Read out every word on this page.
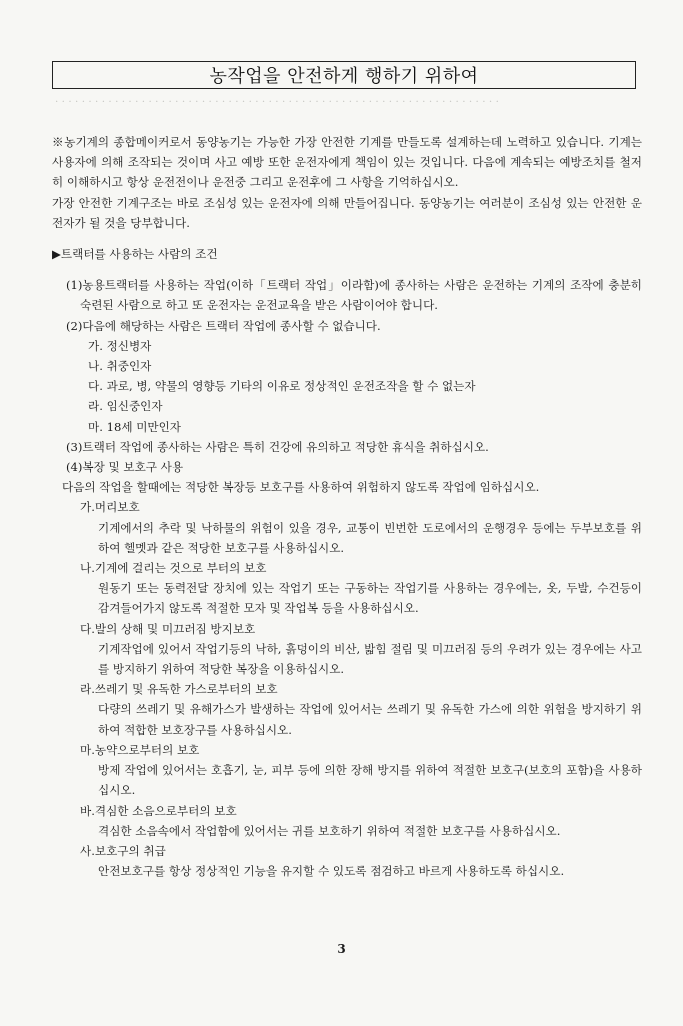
농작업을 안전하게 행하기 위하여
· · · · · · · · · · · · · · · · · · · · · · · · · · · · · · · · · · · · · · · · · · · · · · · · · · · · · · · · · · · · · · · · · · ·

※농기계의 종합메이커로서 동양농기는 가능한 가장 안전한 기계를 만들도록 설계하는데 노력하고 있습니다. 기계는 사용자에 의해 조작되는 것이며 사고 예방 또한 운전자에게 책임이 있는 것입니다. 다음에 계속되는 예방조치를 철저히 이해하시고 항상 운전전이나 운전중 그리고 운전후에 그 사항을 기억하십시오.

가장 안전한 기계구조는 바로 조심성 있는 운전자에 의해 만들어집니다. 동양농기는 여러분이 조심성 있는 안전한 운전자가 될 것을 당부합니다.

▶트랙터를 사용하는 사람의 조건

(1)농용트랙터를 사용하는 작업(이하「트랙터 작업」이라함)에 종사하는 사람은 운전하는 기계의 조작에 충분히 숙련된 사람으로 하고 또 운전자는 운전교육을 받은 사람이어야 합니다.

(2)다음에 해당하는 사람은 트랙터 작업에 종사할 수 없습니다.

가. 정신병자

나. 취중인자

다. 과로, 병, 약물의 영향등 기타의 이유로 정상적인 운전조작을 할 수 없는자

라. 임신중인자

마. 18세 미만인자

(3)트랙터 작업에 종사하는 사람은 특히 건강에 유의하고 적당한 휴식을 취하십시오.

(4)복장 및 보호구 사용

다음의 작업을 할때에는 적당한 복장등 보호구를 사용하여 위험하지 않도록 작업에 임하십시오.

가.머리보호

기계에서의 추락 및 낙하물의 위험이 있을 경우, 교통이 빈번한 도로에서의 운행경우 등에는 두부보호를 위하여 헬멧과 같은 적당한 보호구를 사용하십시오.

나.기계에 걸리는 것으로 부터의 보호

원동기 또는 동력전달 장치에 있는 작업기 또는 구동하는 작업기를 사용하는 경우에는, 옷, 두발, 수건등이 감겨들어가지 않도록 적절한 모자 및 작업복 등을 사용하십시오.

다.발의 상해 및 미끄러짐 방지보호

기계작업에 있어서 작업기등의 낙하, 흙덩이의 비산, 밟힘 절림 및 미끄러짐 등의 우려가 있는 경우에는 사고를 방지하기 위하여 적당한 복장을 이용하십시오.

라.쓰레기 및 유독한 가스로부터의 보호

다량의 쓰레기 및 유해가스가 발생하는 작업에 있어서는 쓰레기 및 유독한 가스에 의한 위험을 방지하기 위하여 적합한 보호장구를 사용하십시오.

마.농약으로부터의 보호

방제 작업에 있어서는 호흡기, 눈, 피부 등에 의한 장해 방지를 위하여 적절한 보호구(보호의 포함)을 사용하십시오.

바.격심한 소음으로부터의 보호

격심한 소음속에서 작업함에 있어서는 귀를 보호하기 위하여 적절한 보호구를 사용하십시오.

사.보호구의 취급

안전보호구를 항상 정상적인 기능을 유지할 수 있도록 점검하고 바르게 사용하도록 하십시오.

3
